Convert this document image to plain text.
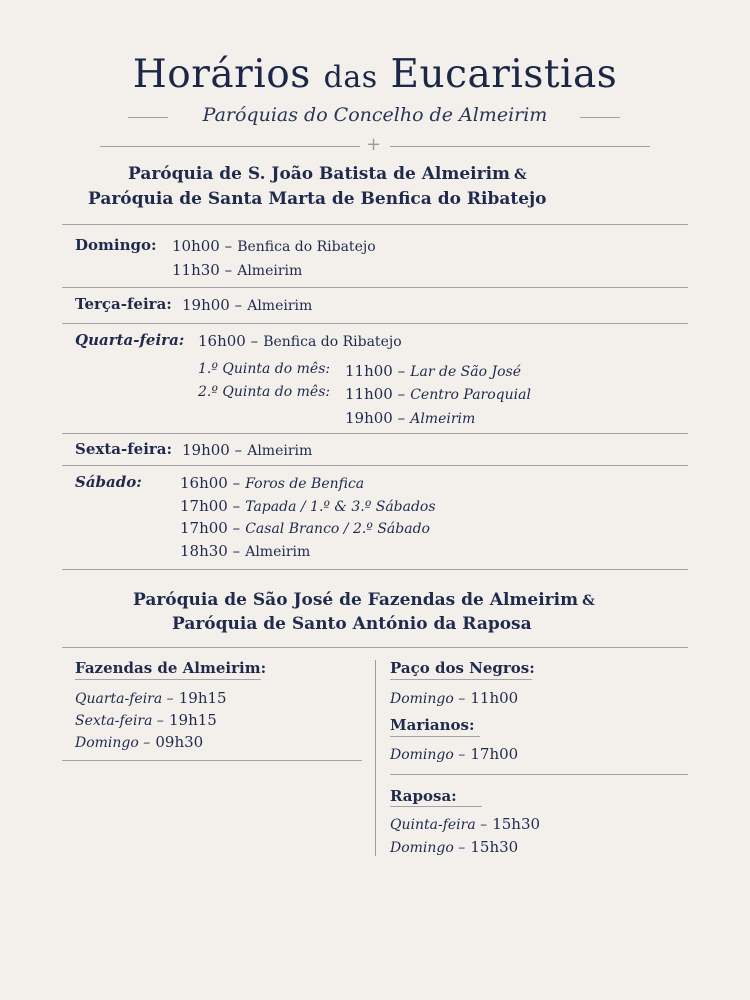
Horários das Eucaristias
Paróquias do Concelho de Almeirim
+
Paróquia de S. João Batista de Almeirim &
Paróquia de Santa Marta de Benfica do Ribatejo
Domingo: 10h00 – Benfica do Ribatejo
11h30 – Almeirim
Terça-feira: 19h00 – Almeirim
Quarta-feira: 16h00 – Benfica do Ribatejo
1.º Quinta do mês: 11h00 – Lar de São José
2.º Quinta do mês: 11h00 – Centro Paroquial
19h00 – Almeirim
Sexta-feira: 19h00 – Almeirim
Sábado:	16h00 – Foros de Benfica
17h00 – Tapada / 1.º & 3.º Sábados
17h00 – Casal Branco / 2.º Sábado
18h30 – Almeirim
Paróquia de São José de Fazendas de Almeirim &
Paróquia de Santo António da Raposa
Fazendas de Almeirim:
Quarta-feira – 19h15
Sexta-feira – 19h15
Domingo – 09h30
Paço dos Negros:
Domingo – 11h00
Marianos:
Domingo – 17h00
Raposa:
Quinta-feira – 15h30
Domingo – 15h30
